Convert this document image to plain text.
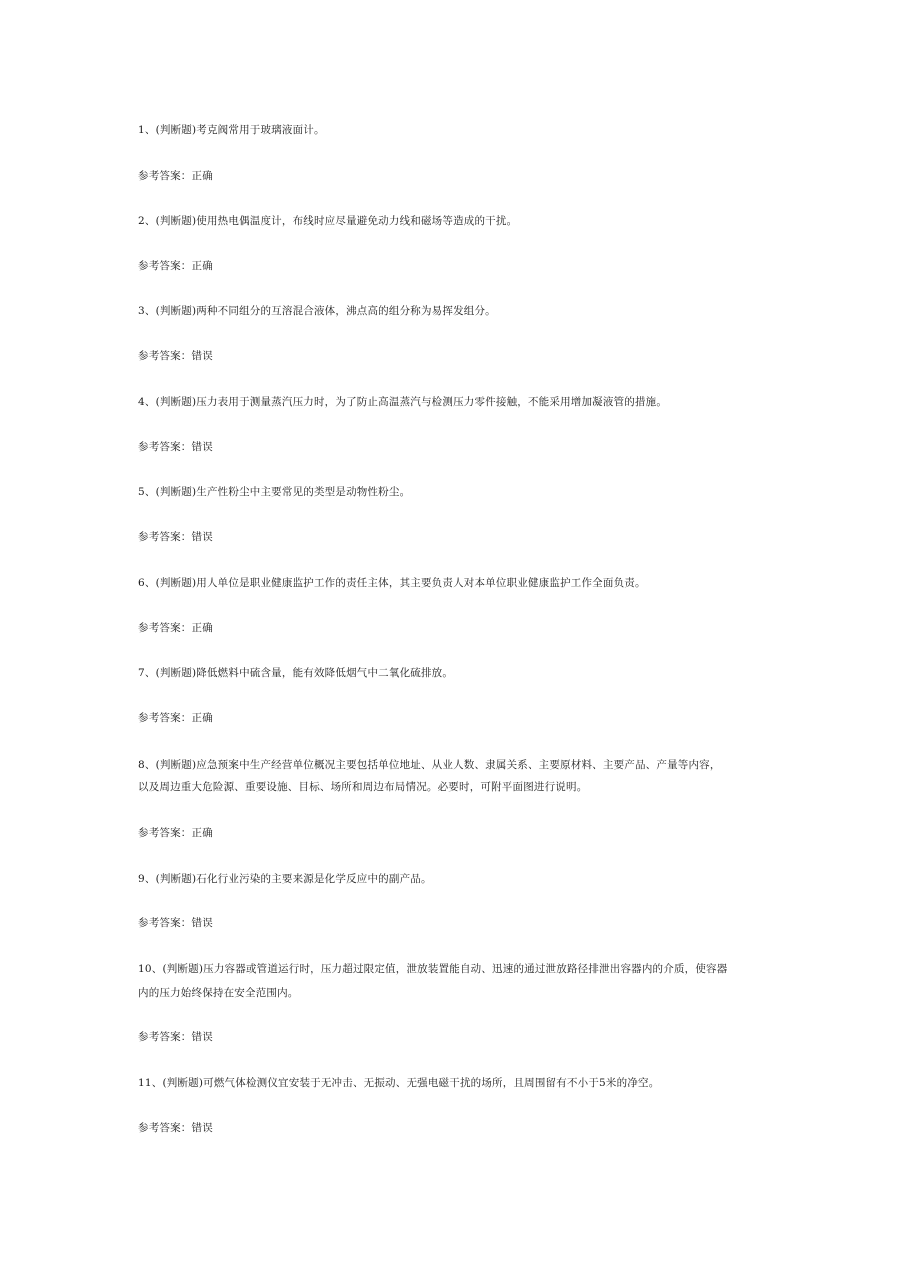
1、(判断题)考克阀常用于玻璃液面计。
参考答案：正确
2、(判断题)使用热电偶温度计，布线时应尽量避免动力线和磁场等造成的干扰。
参考答案：正确
3、(判断题)两种不同组分的互溶混合液体，沸点高的组分称为易挥发组分。
参考答案：错误
4、(判断题)压力表用于测量蒸汽压力时，为了防止高温蒸汽与检测压力零件接触，不能采用增加凝液管的措施。
参考答案：错误
5、(判断题)生产性粉尘中主要常见的类型是动物性粉尘。
参考答案：错误
6、(判断题)用人单位是职业健康监护工作的责任主体，其主要负责人对本单位职业健康监护工作全面负责。
参考答案：正确
7、(判断题)降低燃料中硫含量，能有效降低烟气中二氧化硫排放。
参考答案：正确
8、(判断题)应急预案中生产经营单位概况主要包括单位地址、从业人数、隶属关系、主要原材料、主要产品、产量等内容，
以及周边重大危险源、重要设施、目标、场所和周边布局情况。必要时，可附平面图进行说明。
参考答案：正确
9、(判断题)石化行业污染的主要来源是化学反应中的副产品。
参考答案：错误
10、(判断题)压力容器或管道运行时，压力超过限定值，泄放装置能自动、迅速的通过泄放路径排泄出容器内的介质，使容器
内的压力始终保持在安全范围内。
参考答案：错误
11、(判断题)可燃气体检测仪宜安装于无冲击、无振动、无强电磁干扰的场所，且周围留有不小于5米的净空。
参考答案：错误
